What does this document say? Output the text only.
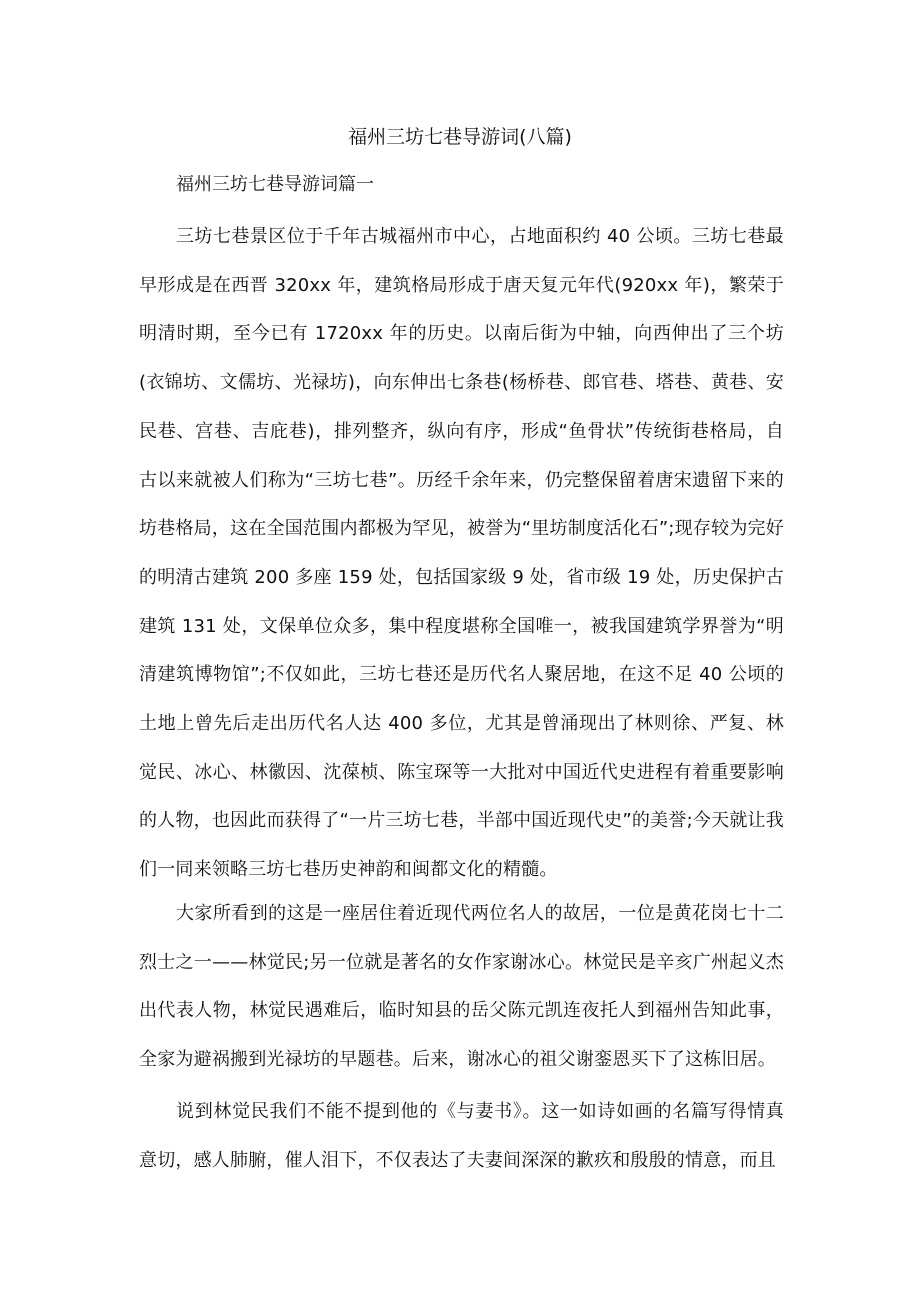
福州三坊七巷导游词(八篇)
福州三坊七巷导游词篇一

三坊七巷景区位于千年古城福州市中心，占地面积约 40 公顷。三坊七巷最早形成是在西晋 320xx 年，建筑格局形成于唐天复元年代(920xx 年)，繁荣于明清时期，至今已有 1720xx 年的历史。以南后街为中轴，向西伸出了三个坊(衣锦坊、文儒坊、光禄坊)，向东伸出七条巷(杨桥巷、郎官巷、塔巷、黄巷、安民巷、宫巷、吉庇巷)，排列整齐，纵向有序，形成“鱼骨状”传统街巷格局，自古以来就被人们称为“三坊七巷”。历经千余年来，仍完整保留着唐宋遗留下来的坊巷格局，这在全国范围内都极为罕见，被誉为“里坊制度活化石”;现存较为完好的明清古建筑 200 多座 159 处，包括国家级 9 处，省市级 19 处，历史保护古建筑 131 处，文保单位众多，集中程度堪称全国唯一，被我国建筑学界誉为“明清建筑博物馆”;不仅如此，三坊七巷还是历代名人聚居地，在这不足 40 公顷的土地上曾先后走出历代名人达 400 多位，尤其是曾涌现出了林则徐、严复、林觉民、冰心、林徽因、沈葆桢、陈宝琛等一大批对中国近代史进程有着重要影响的人物，也因此而获得了“一片三坊七巷，半部中国近现代史”的美誉;今天就让我们一同来领略三坊七巷历史神韵和闽都文化的精髓。

大家所看到的这是一座居住着近现代两位名人的故居，一位是黄花岗七十二烈士之一——林觉民;另一位就是著名的女作家谢冰心。林觉民是辛亥广州起义杰出代表人物，林觉民遇难后，临时知县的岳父陈元凯连夜托人到福州告知此事，全家为避祸搬到光禄坊的早题巷。后来，谢冰心的祖父谢銮恩买下了这栋旧居。

说到林觉民我们不能不提到他的《与妻书》。这一如诗如画的名篇写得情真意切，感人肺腑，催人泪下，不仅表达了夫妻间深深的歉疚和殷殷的情意，而且
